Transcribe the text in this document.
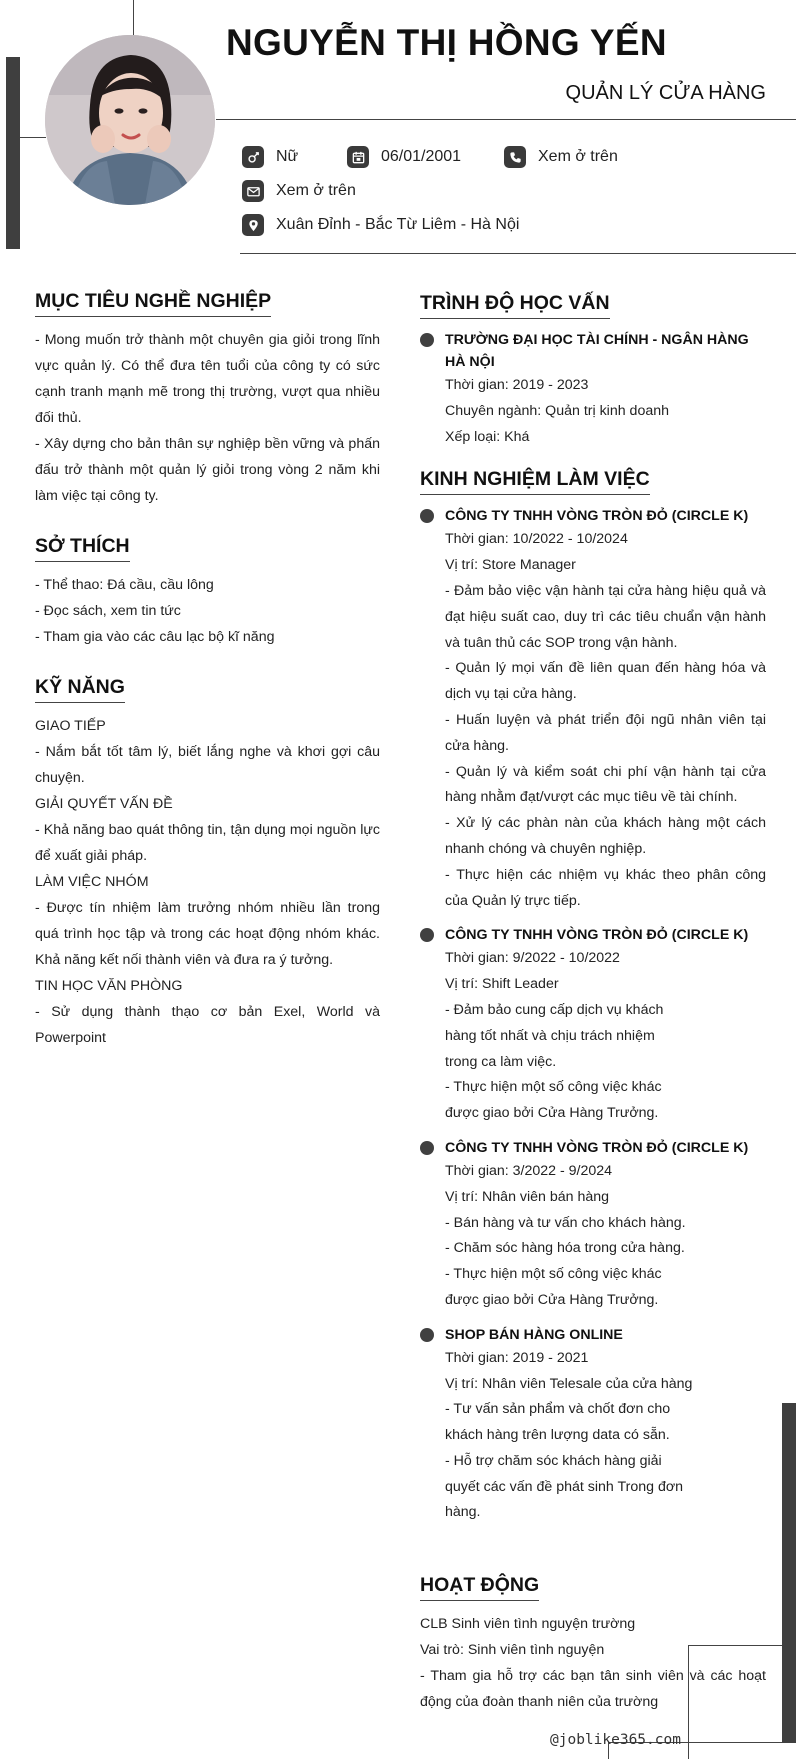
NGUYỄN THỊ HỒNG YẾN
QUẢN LÝ CỬA HÀNG
Nữ	06/01/2001	Xem ở trên
Xem ở trên
Xuân Đỉnh - Bắc Từ Liêm - Hà Nội
MỤC TIÊU NGHỀ NGHIỆP
- Mong muốn trở thành một chuyên gia giỏi trong lĩnh vực quản lý. Có thể đưa tên tuổi của công ty có sức cạnh tranh mạnh mẽ trong thị trường, vượt qua nhiều đối thủ.
- Xây dựng cho bản thân sự nghiệp bền vững và phấn đấu trở thành một quản lý giỏi trong vòng 2 năm khi làm việc tại công ty.
SỞ THÍCH
- Thể thao: Đá cầu, cầu lông
- Đọc sách, xem tin tức
- Tham gia vào các câu lạc bộ kĩ năng
KỸ NĂNG
GIAO TIẾP
- Nắm bắt tốt tâm lý, biết lắng nghe và khơi gợi câu chuyện.
GIẢI QUYẾT VẤN ĐỀ
- Khả năng bao quát thông tin, tận dụng mọi nguồn lực để xuất giải pháp.
LÀM VIỆC NHÓM
- Được tín nhiệm làm trưởng nhóm nhiều lần trong quá trình học tập và trong các hoạt động nhóm khác. Khả năng kết nối thành viên và đưa ra ý tưởng.
TIN HỌC VĂN PHÒNG
- Sử dụng thành thạo cơ bản Exel, World và Powerpoint
TRÌNH ĐỘ HỌC VẤN
TRƯỜNG ĐẠI HỌC TÀI CHÍNH - NGÂN HÀNG HÀ NỘI
Thời gian: 2019 - 2023
Chuyên ngành: Quản trị kinh doanh
Xếp loại: Khá
KINH NGHIỆM LÀM VIỆC
CÔNG TY TNHH VÒNG TRÒN ĐỎ (CIRCLE K)
Thời gian: 10/2022 - 10/2024
Vị trí: Store Manager
- Đảm bảo việc vận hành tại cửa hàng hiệu quả và đạt hiệu suất cao, duy trì các tiêu chuẩn vận hành và tuân thủ các SOP trong vận hành.
- Quản lý mọi vấn đề liên quan đến hàng hóa và dịch vụ tại cửa hàng.
- Huấn luyện và phát triển đội ngũ nhân viên tại cửa hàng.
- Quản lý và kiểm soát chi phí vận hành tại cửa hàng nhằm đạt/vượt các mục tiêu về tài chính.
- Xử lý các phàn nàn của khách hàng một cách nhanh chóng và chuyên nghiệp.
- Thực hiện các nhiệm vụ khác theo phân công của Quản lý trực tiếp.
CÔNG TY TNHH VÒNG TRÒN ĐỎ (CIRCLE K)
Thời gian: 9/2022 - 10/2022
Vị trí: Shift Leader
- Đảm bảo cung cấp dịch vụ khách hàng tốt nhất và chịu trách nhiệm trong ca làm việc.
- Thực hiện một số công việc khác được giao bởi Cửa Hàng Trưởng.
CÔNG TY TNHH VÒNG TRÒN ĐỎ (CIRCLE K)
Thời gian: 3/2022 - 9/2024
Vị trí: Nhân viên bán hàng
- Bán hàng và tư vấn cho khách hàng.
- Chăm sóc hàng hóa trong cửa hàng.
- Thực hiện một số công việc khác được giao bởi Cửa Hàng Trưởng.
SHOP BÁN HÀNG ONLINE
Thời gian: 2019 - 2021
Vị trí: Nhân viên Telesale của cửa hàng
- Tư vấn sản phẩm và chốt đơn cho khách hàng trên lượng data có sẵn.
- Hỗ trợ chăm sóc khách hàng giải quyết các vấn đề phát sinh Trong đơn hàng.
HOẠT ĐỘNG
CLB Sinh viên tình nguyện trường
Vai trò: Sinh viên tình nguyện
- Tham gia hỗ trợ các bạn tân sinh viên và các hoạt động của đoàn thanh niên của trường
@joblike365.com
